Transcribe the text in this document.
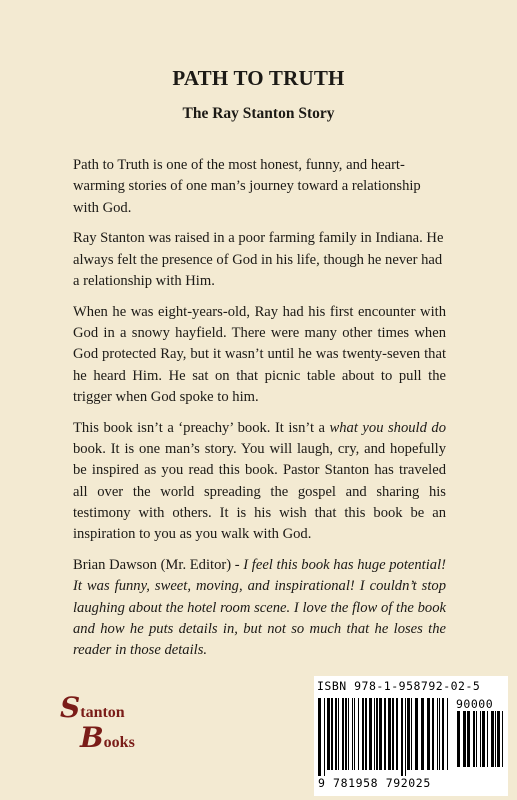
PATH TO TRUTH
The Ray Stanton Story

Path to Truth is one of the most honest, funny, and heart-warming stories of one man’s journey toward a relationship with God.

Ray Stanton was raised in a poor farming family in Indiana. He always felt the presence of God in his life, though he never had a relationship with Him.

When he was eight-years-old, Ray had his first encounter with God in a snowy hayfield. There were many other times when God protected Ray, but it wasn’t until he was twenty-seven that he heard Him. He sat on that picnic table about to pull the trigger when God spoke to him.

This book isn’t a ‘preachy’ book. It isn’t a what you should do book. It is one man’s story. You will laugh, cry, and hopefully be inspired as you read this book. Pastor Stanton has traveled all over the world spreading the gospel and sharing his testimony with others. It is his wish that this book be an inspiration to you as you walk with God.

Brian Dawson (Mr. Editor) - I feel this book has huge potential! It was funny, sweet, moving, and inspirational! I couldn’t stop laughing about the hotel room scene. I love the flow of the book and how he puts details in, but not so much that he loses the reader in those details.

Stanton
Books
ISBN 978-1-958792-02-5
90000
9 781958 792025
